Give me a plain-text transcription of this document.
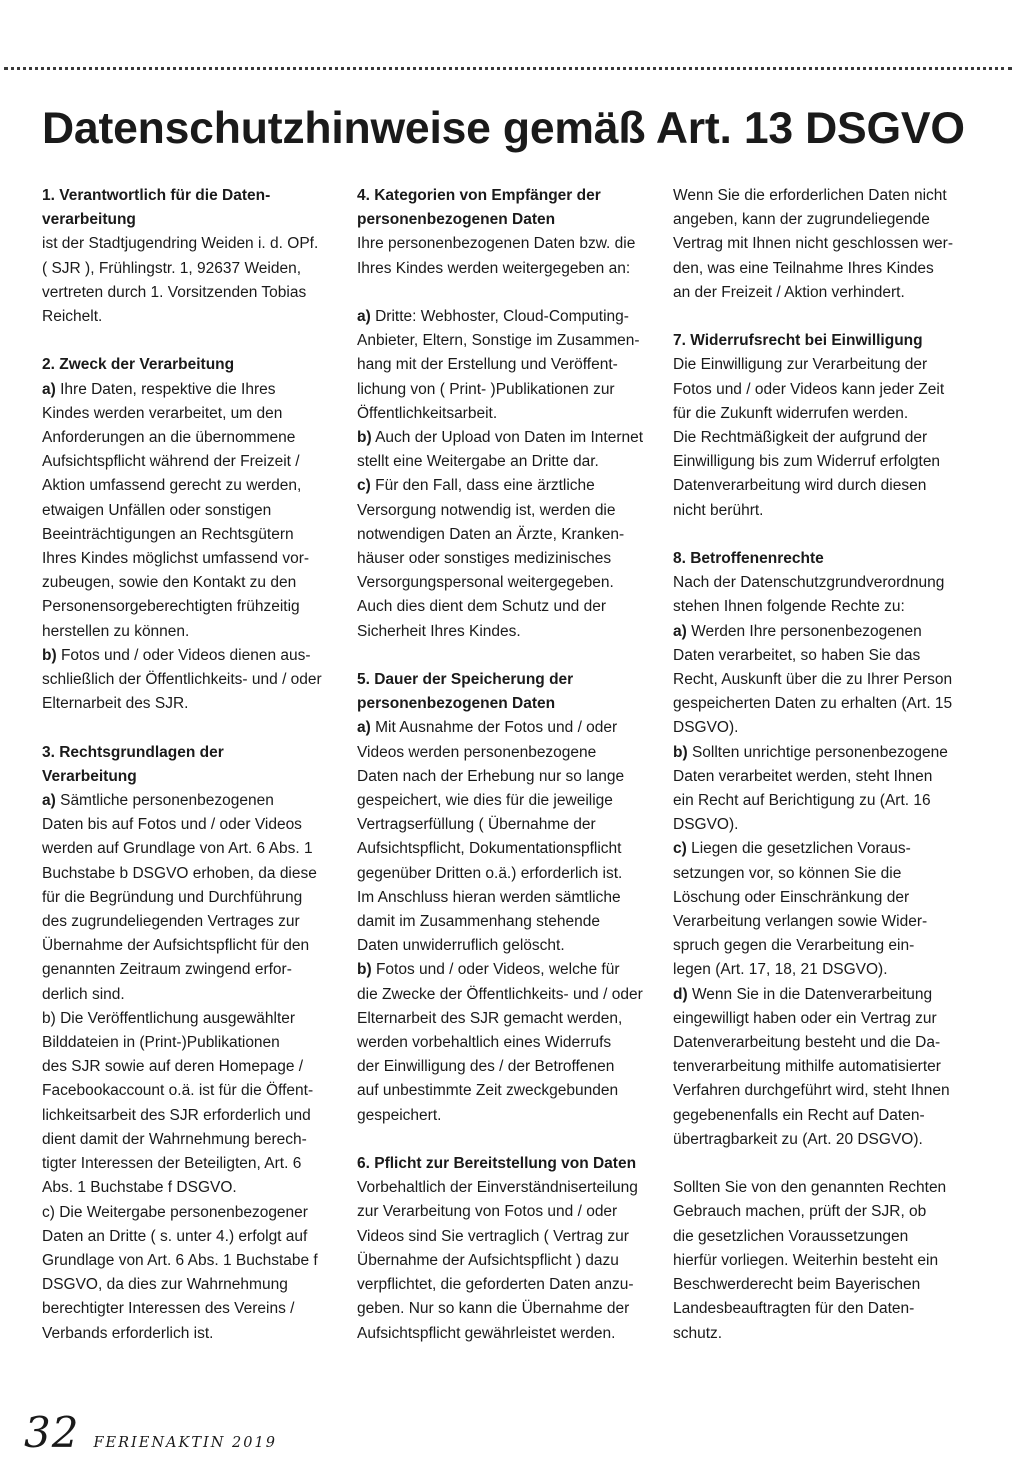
Datenschutzhinweise gemäß Art. 13 DSGVO
1. Verantwortlich für die Daten-
verarbeitung
ist der Stadtjugendring Weiden i. d. OPf.
( SJR ), Frühlingstr. 1, 92637 Weiden,
vertreten durch 1. Vorsitzenden Tobias
Reichelt.
2. Zweck der Verarbeitung
a) Ihre Daten, respektive die Ihres
Kindes werden verarbeitet, um den
Anforderungen an die übernommene
Aufsichtspflicht während der Freizeit /
Aktion umfassend gerecht zu werden,
etwaigen Unfällen oder sonstigen
Beeinträchtigungen an Rechtsgütern
Ihres Kindes möglichst umfassend vor-
zubeugen, sowie den Kontakt zu den
Personensorgeberechtigten frühzeitig
herstellen zu können.
b) Fotos und / oder Videos dienen aus-
schließlich der Öffentlichkeits- und / oder
Elternarbeit des SJR.
3. Rechtsgrundlagen der
Verarbeitung
a) Sämtliche personenbezogenen
Daten bis auf Fotos und / oder Videos
werden auf Grundlage von Art. 6 Abs. 1
Buchstabe b DSGVO erhoben, da diese
für die Begründung und Durchführung
des zugrundeliegenden Vertrages zur
Übernahme der Aufsichtspflicht für den
genannten Zeitraum zwingend erfor-
derlich sind.
b) Die Veröffentlichung ausgewählter
Bilddateien in (Print-)Publikationen
des SJR sowie auf deren Homepage /
Facebookaccount o.ä. ist für die Öffent-
lichkeitsarbeit des SJR erforderlich und
dient damit der Wahrnehmung berech-
tigter Interessen der Beteiligten, Art. 6
Abs. 1 Buchstabe f DSGVO.
c) Die Weitergabe personenbezogener
Daten an Dritte ( s. unter 4.) erfolgt auf
Grundlage von Art. 6 Abs. 1 Buchstabe f
DSGVO, da dies zur Wahrnehmung
berechtigter Interessen des Vereins /
Verbands erforderlich ist.
4. Kategorien von Empfänger der
personenbezogenen Daten
Ihre personenbezogenen Daten bzw. die
Ihres Kindes werden weitergegeben an:
a) Dritte: Webhoster, Cloud-Computing-
Anbieter, Eltern, Sonstige im Zusammen-
hang mit der Erstellung und Veröffent-
lichung von ( Print- )Publikationen zur
Öffentlichkeitsarbeit.
b) Auch der Upload von Daten im Internet
stellt eine Weitergabe an Dritte dar.
c) Für den Fall, dass eine ärztliche
Versorgung notwendig ist, werden die
notwendigen Daten an Ärzte, Kranken-
häuser oder sonstiges medizinisches
Versorgungspersonal weitergegeben.
Auch dies dient dem Schutz und der
Sicherheit Ihres Kindes.
5. Dauer der Speicherung der
personenbezogenen Daten
a) Mit Ausnahme der Fotos und / oder
Videos werden personenbezogene
Daten nach der Erhebung nur so lange
gespeichert, wie dies für die jeweilige
Vertragserfüllung ( Übernahme der
Aufsichtspflicht, Dokumentationspflicht
gegenüber Dritten o.ä.) erforderlich ist.
Im Anschluss hieran werden sämtliche
damit im Zusammenhang stehende
Daten unwiderruflich gelöscht.
b) Fotos und / oder Videos, welche für
die Zwecke der Öffentlichkeits- und / oder
Elternarbeit des SJR gemacht werden,
werden vorbehaltlich eines Widerrufs
der Einwilligung des / der Betroffenen
auf unbestimmte Zeit zweckgebunden
gespeichert.
6. Pflicht zur Bereitstellung von Daten
Vorbehaltlich der Einverständniserteilung
zur Verarbeitung von Fotos und / oder
Videos sind Sie vertraglich ( Vertrag zur
Übernahme der Aufsichtspflicht ) dazu
verpflichtet, die geforderten Daten anzu-
geben. Nur so kann die Übernahme der
Aufsichtspflicht gewährleistet werden.
Wenn Sie die erforderlichen Daten nicht
angeben, kann der zugrundeliegende
Vertrag mit Ihnen nicht geschlossen wer-
den, was eine Teilnahme Ihres Kindes
an der Freizeit / Aktion verhindert.
7. Widerrufsrecht bei Einwilligung
Die Einwilligung zur Verarbeitung der
Fotos und / oder Videos kann jeder Zeit
für die Zukunft widerrufen werden.
Die Rechtmäßigkeit der aufgrund der
Einwilligung bis zum Widerruf erfolgten
Datenverarbeitung wird durch diesen
nicht berührt.
8. Betroffenenrechte
Nach der Datenschutzgrundverordnung
stehen Ihnen folgende Rechte zu:
a) Werden Ihre personenbezogenen
Daten verarbeitet, so haben Sie das
Recht, Auskunft über die zu Ihrer Person
gespeicherten Daten zu erhalten (Art. 15
DSGVO).
b) Sollten unrichtige personenbezogene
Daten verarbeitet werden, steht Ihnen
ein Recht auf Berichtigung zu (Art. 16
DSGVO).
c) Liegen die gesetzlichen Voraus-
setzungen vor, so können Sie die
Löschung oder Einschränkung der
Verarbeitung verlangen sowie Wider-
spruch gegen die Verarbeitung ein-
legen (Art. 17, 18, 21 DSGVO).
d) Wenn Sie in die Datenverarbeitung
eingewilligt haben oder ein Vertrag zur
Datenverarbeitung besteht und die Da-
tenverarbeitung mithilfe automatisierter
Verfahren durchgeführt wird, steht Ihnen
gegebenenfalls ein Recht auf Daten-
übertragbarkeit zu (Art. 20 DSGVO).
Sollten Sie von den genannten Rechten
Gebrauch machen, prüft der SJR, ob
die gesetzlichen Voraussetzungen
hierfür vorliegen. Weiterhin besteht ein
Beschwerderecht beim Bayerischen
Landesbeauftragten für den Daten-
schutz.
32 FERIENAKTIN 2019
